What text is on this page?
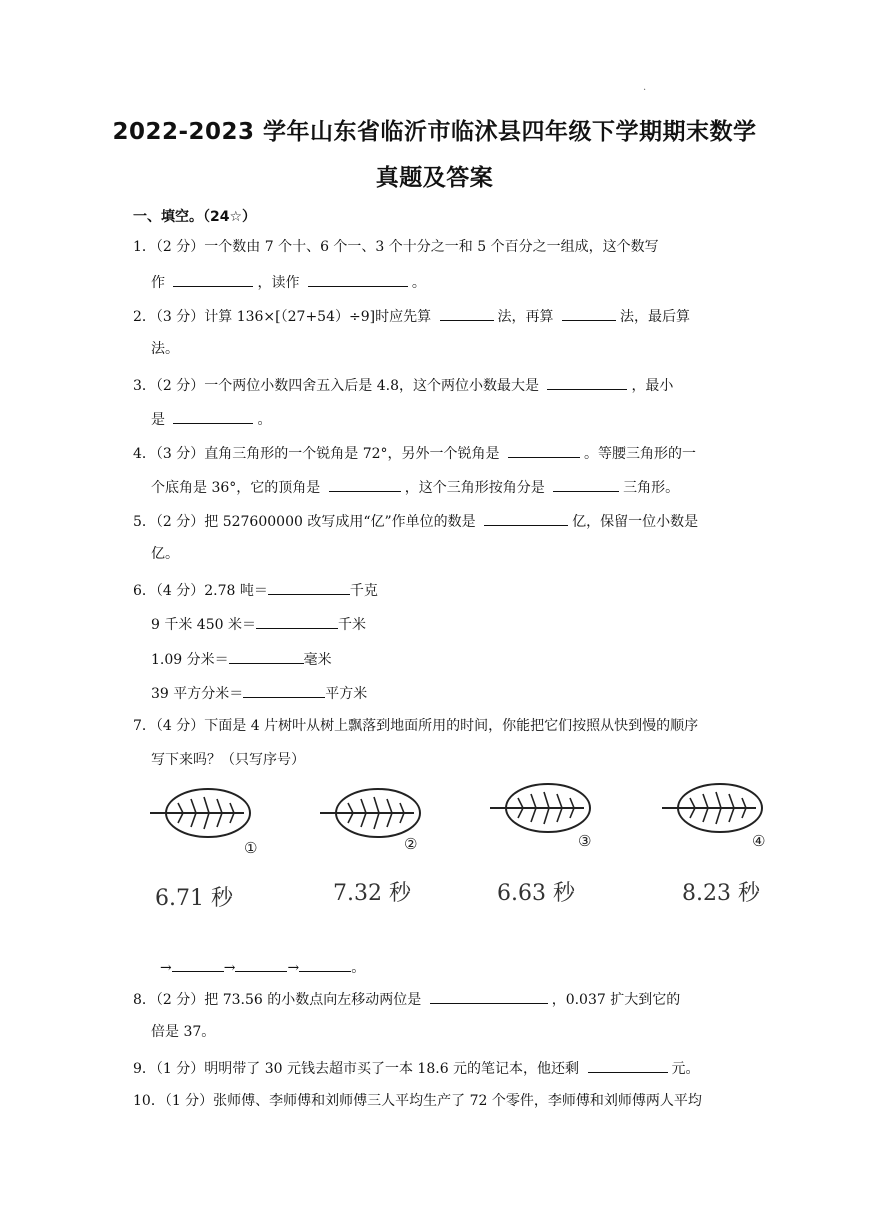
.
2022-2023 学年山东省临沂市临沭县四年级下学期期末数学
真题及答案
一、填空。（24☆）
1．（2 分）一个数由 7 个十、6 个一、3 个十分之一和 5 个百分之一组成，这个数写
作	，读作	。
2．（3 分）计算 136×[（27+54）÷9]时应先算	法，再算	法，最后算
法。
3．（2 分）一个两位小数四舍五入后是 4.8，这个两位小数最大是	，最小
是	。
4．（3 分）直角三角形的一个锐角是 72°，另外一个锐角是	。等腰三角形的一
个底角是 36°，它的顶角是	，这个三角形按角分是	三角形。
5．（2 分）把 527600000 改写成用“亿”作单位的数是	亿，保留一位小数是
亿。
6．（4 分）2.78 吨＝	千克
9 千米 450 米＝	千米
1.09 分米＝	毫米
39 平方分米＝	平方米
7．（4 分）下面是 4 片树叶从树上飘落到地面所用的时间，你能把它们按照从快到慢的顺序
写下来吗？（只写序号）
①	②	③	④
6.71 秒	7.32 秒	6.63 秒	8.23 秒
→	→	→	。
8．（2 分）把 73.56 的小数点向左移动两位是	，0.037 扩大到它的
倍是 37。
9．（1 分）明明带了 30 元钱去超市买了一本 18.6 元的笔记本，他还剩	元。
10．（1 分）张师傅、李师傅和刘师傅三人平均生产了 72 个零件，李师傅和刘师傅两人平均
